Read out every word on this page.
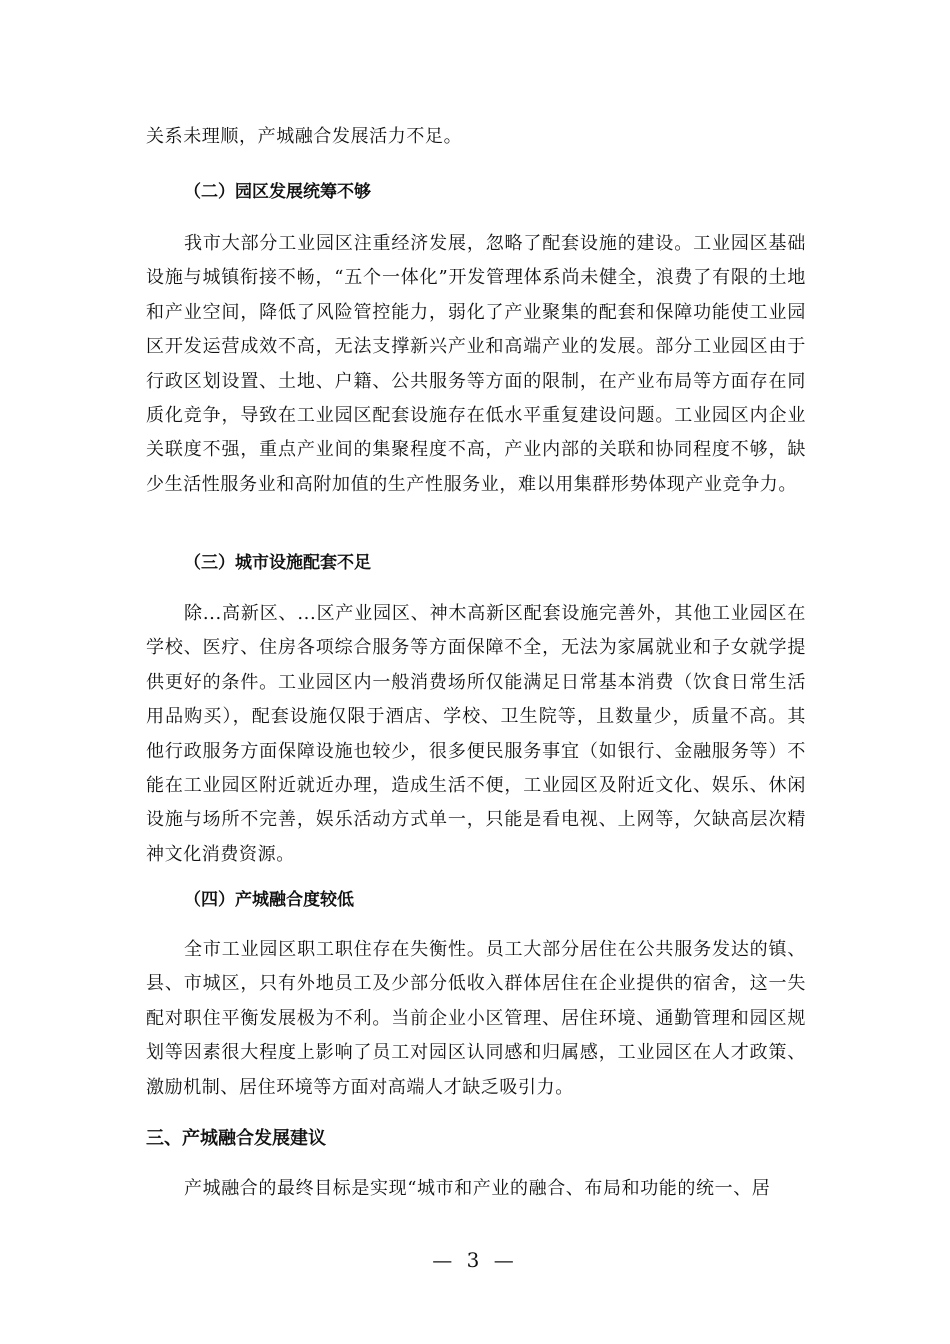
关系未理顺，产城融合发展活力不足。

（二）园区发展统筹不够

我市大部分工业园区注重经济发展，忽略了配套设施的建设。工业园区基础设施与城镇衔接不畅，“五个一体化”开发管理体系尚未健全，浪费了有限的土地和产业空间，降低了风险管控能力，弱化了产业聚集的配套和保障功能使工业园区开发运营成效不高，无法支撑新兴产业和高端产业的发展。部分工业园区由于行政区划设置、土地、户籍、公共服务等方面的限制，在产业布局等方面存在同质化竞争，导致在工业园区配套设施存在低水平重复建设问题。工业园区内企业关联度不强，重点产业间的集聚程度不高，产业内部的关联和协同程度不够，缺少生活性服务业和高附加值的生产性服务业，难以用集群形势体现产业竞争力。

（三）城市设施配套不足

除...高新区、...区产业园区、神木高新区配套设施完善外，其他工业园区在学校、医疗、住房各项综合服务等方面保障不全，无法为家属就业和子女就学提供更好的条件。工业园区内一般消费场所仅能满足日常基本消费（饮食日常生活用品购买），配套设施仅限于酒店、学校、卫生院等，且数量少，质量不高。其他行政服务方面保障设施也较少，很多便民服务事宜（如银行、金融服务等）不能在工业园区附近就近办理，造成生活不便，工业园区及附近文化、娱乐、休闲设施与场所不完善，娱乐活动方式单一，只能是看电视、上网等，欠缺高层次精神文化消费资源。

（四）产城融合度较低

全市工业园区职工职住存在失衡性。员工大部分居住在公共服务发达的镇、县、市城区，只有外地员工及少部分低收入群体居住在企业提供的宿舍，这一失配对职住平衡发展极为不利。当前企业小区管理、居住环境、通勤管理和园区规划等因素很大程度上影响了员工对园区认同感和归属感，工业园区在人才政策、激励机制、居住环境等方面对高端人才缺乏吸引力。

三、产城融合发展建议

产城融合的最终目标是实现“城市和产业的融合、布局和功能的统一、居

— 3 —
